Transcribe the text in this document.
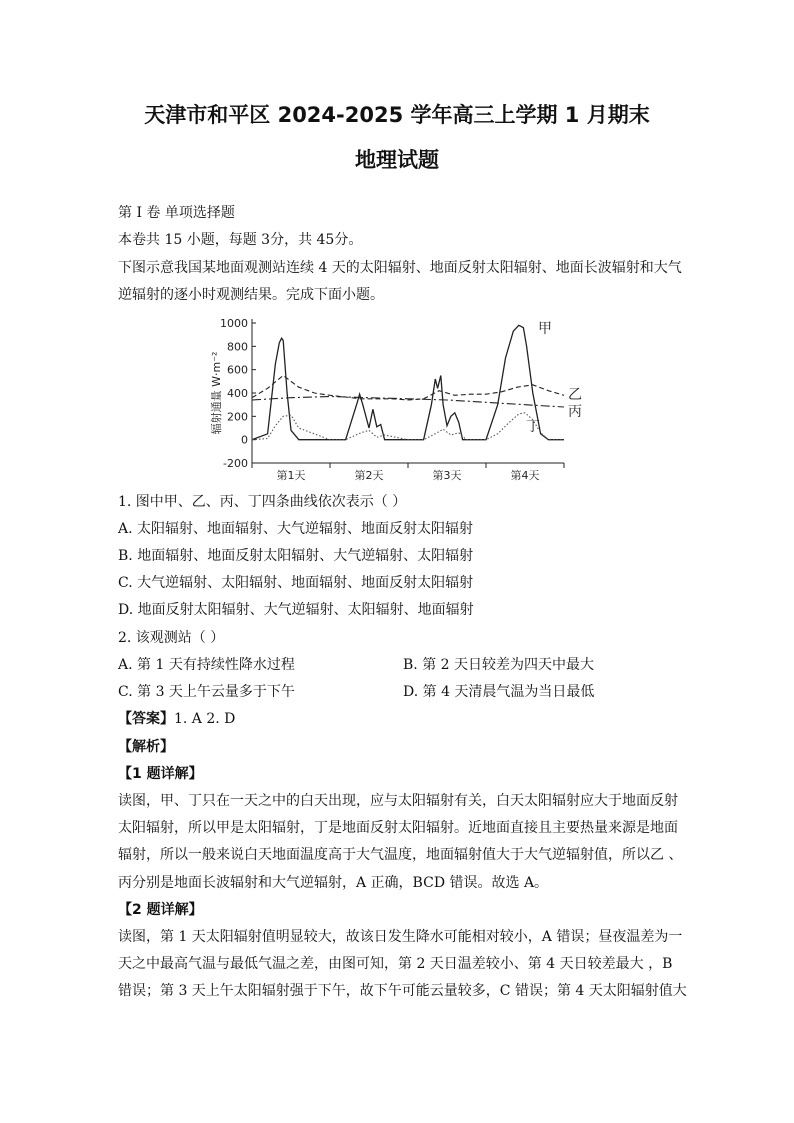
天津市和平区 2024-2025 学年高三上学期 1 月期末
地理试题
第 I 卷 单项选择题
本卷共 15 小题，每题 3分，共 45分。
下图示意我国某地面观测站连续 4 天的太阳辐射、地面反射太阳辐射、地面长波辐射和大气
逆辐射的逐小时观测结果。完成下面小题。
1000
800
600
400
200
0
-200
辐射通量 W·m⁻²
第1天	第2天	第3天	第4天
甲
乙
丙
丁
1. 图中甲、乙、丙、丁四条曲线依次表示（ ）
A. 太阳辐射、地面辐射、大气逆辐射、地面反射太阳辐射
B. 地面辐射、地面反射太阳辐射、大气逆辐射、太阳辐射
C. 大气逆辐射、太阳辐射、地面辐射、地面反射太阳辐射
D. 地面反射太阳辐射、大气逆辐射、太阳辐射、地面辐射
2. 该观测站（ ）
A. 第 1 天有持续性降水过程	B. 第 2 天日较差为四天中最大
C. 第 3 天上午云量多于下午	D. 第 4 天清晨气温为当日最低
【答案】1. A 2. D
【解析】
【1 题详解】
读图，甲、丁只在一天之中的白天出现，应与太阳辐射有关，白天太阳辐射应大于地面反射
太阳辐射，所以甲是太阳辐射，丁是地面反射太阳辐射。近地面直接且主要热量来源是地面
辐射，所以一般来说白天地面温度高于大气温度，地面辐射值大于大气逆辐射值，所以乙 、
丙分别是地面长波辐射和大气逆辐射，A 正确，BCD 错误。故选 A。
【2 题详解】
读图，第 1 天太阳辐射值明显较大，故该日发生降水可能相对较小，A 错误；昼夜温差为一
天之中最高气温与最低气温之差，由图可知，第 2 天日温差较小、第 4 天日较差最大 ，B
错误；第 3 天上午太阳辐射强于下午，故下午可能云量较多，C 错误；第 4 天太阳辐射值大
